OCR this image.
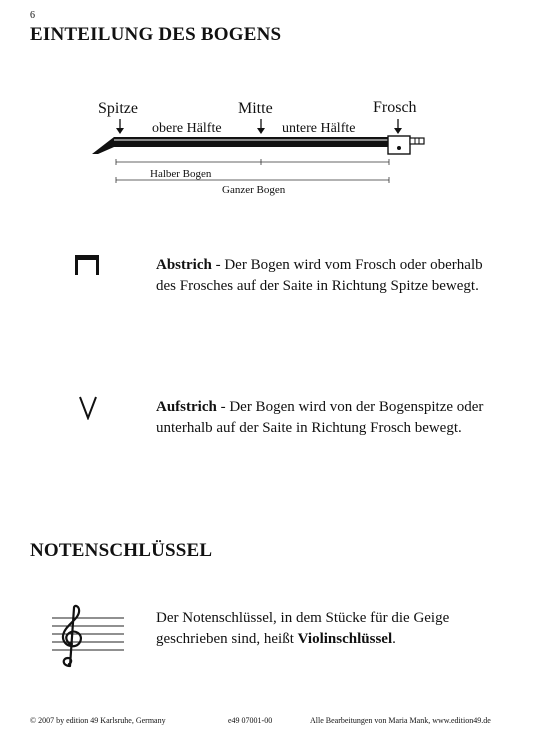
6
EINTEILUNG DES BOGENS
Spitze	Mitte	Frosch
obere Hälfte	untere Hälfte
Halber Bogen
Ganzer Bogen
Abstrich - Der Bogen wird vom Frosch oder oberhalb des Frosches auf der Saite in Richtung Spitze bewegt.
Aufstrich - Der Bogen wird von der Bogenspitze oder unterhalb auf der Saite in Richtung Frosch bewegt.
NOTENSCHLÜSSEL
Der Notenschlüssel, in dem Stücke für die Geige geschrieben sind, heißt Violinschlüssel.
© 2007 by edition 49 Karlsruhe, Germany	e49 07001-00	Alle Bearbeitungen von Maria Mank, www.edition49.de
